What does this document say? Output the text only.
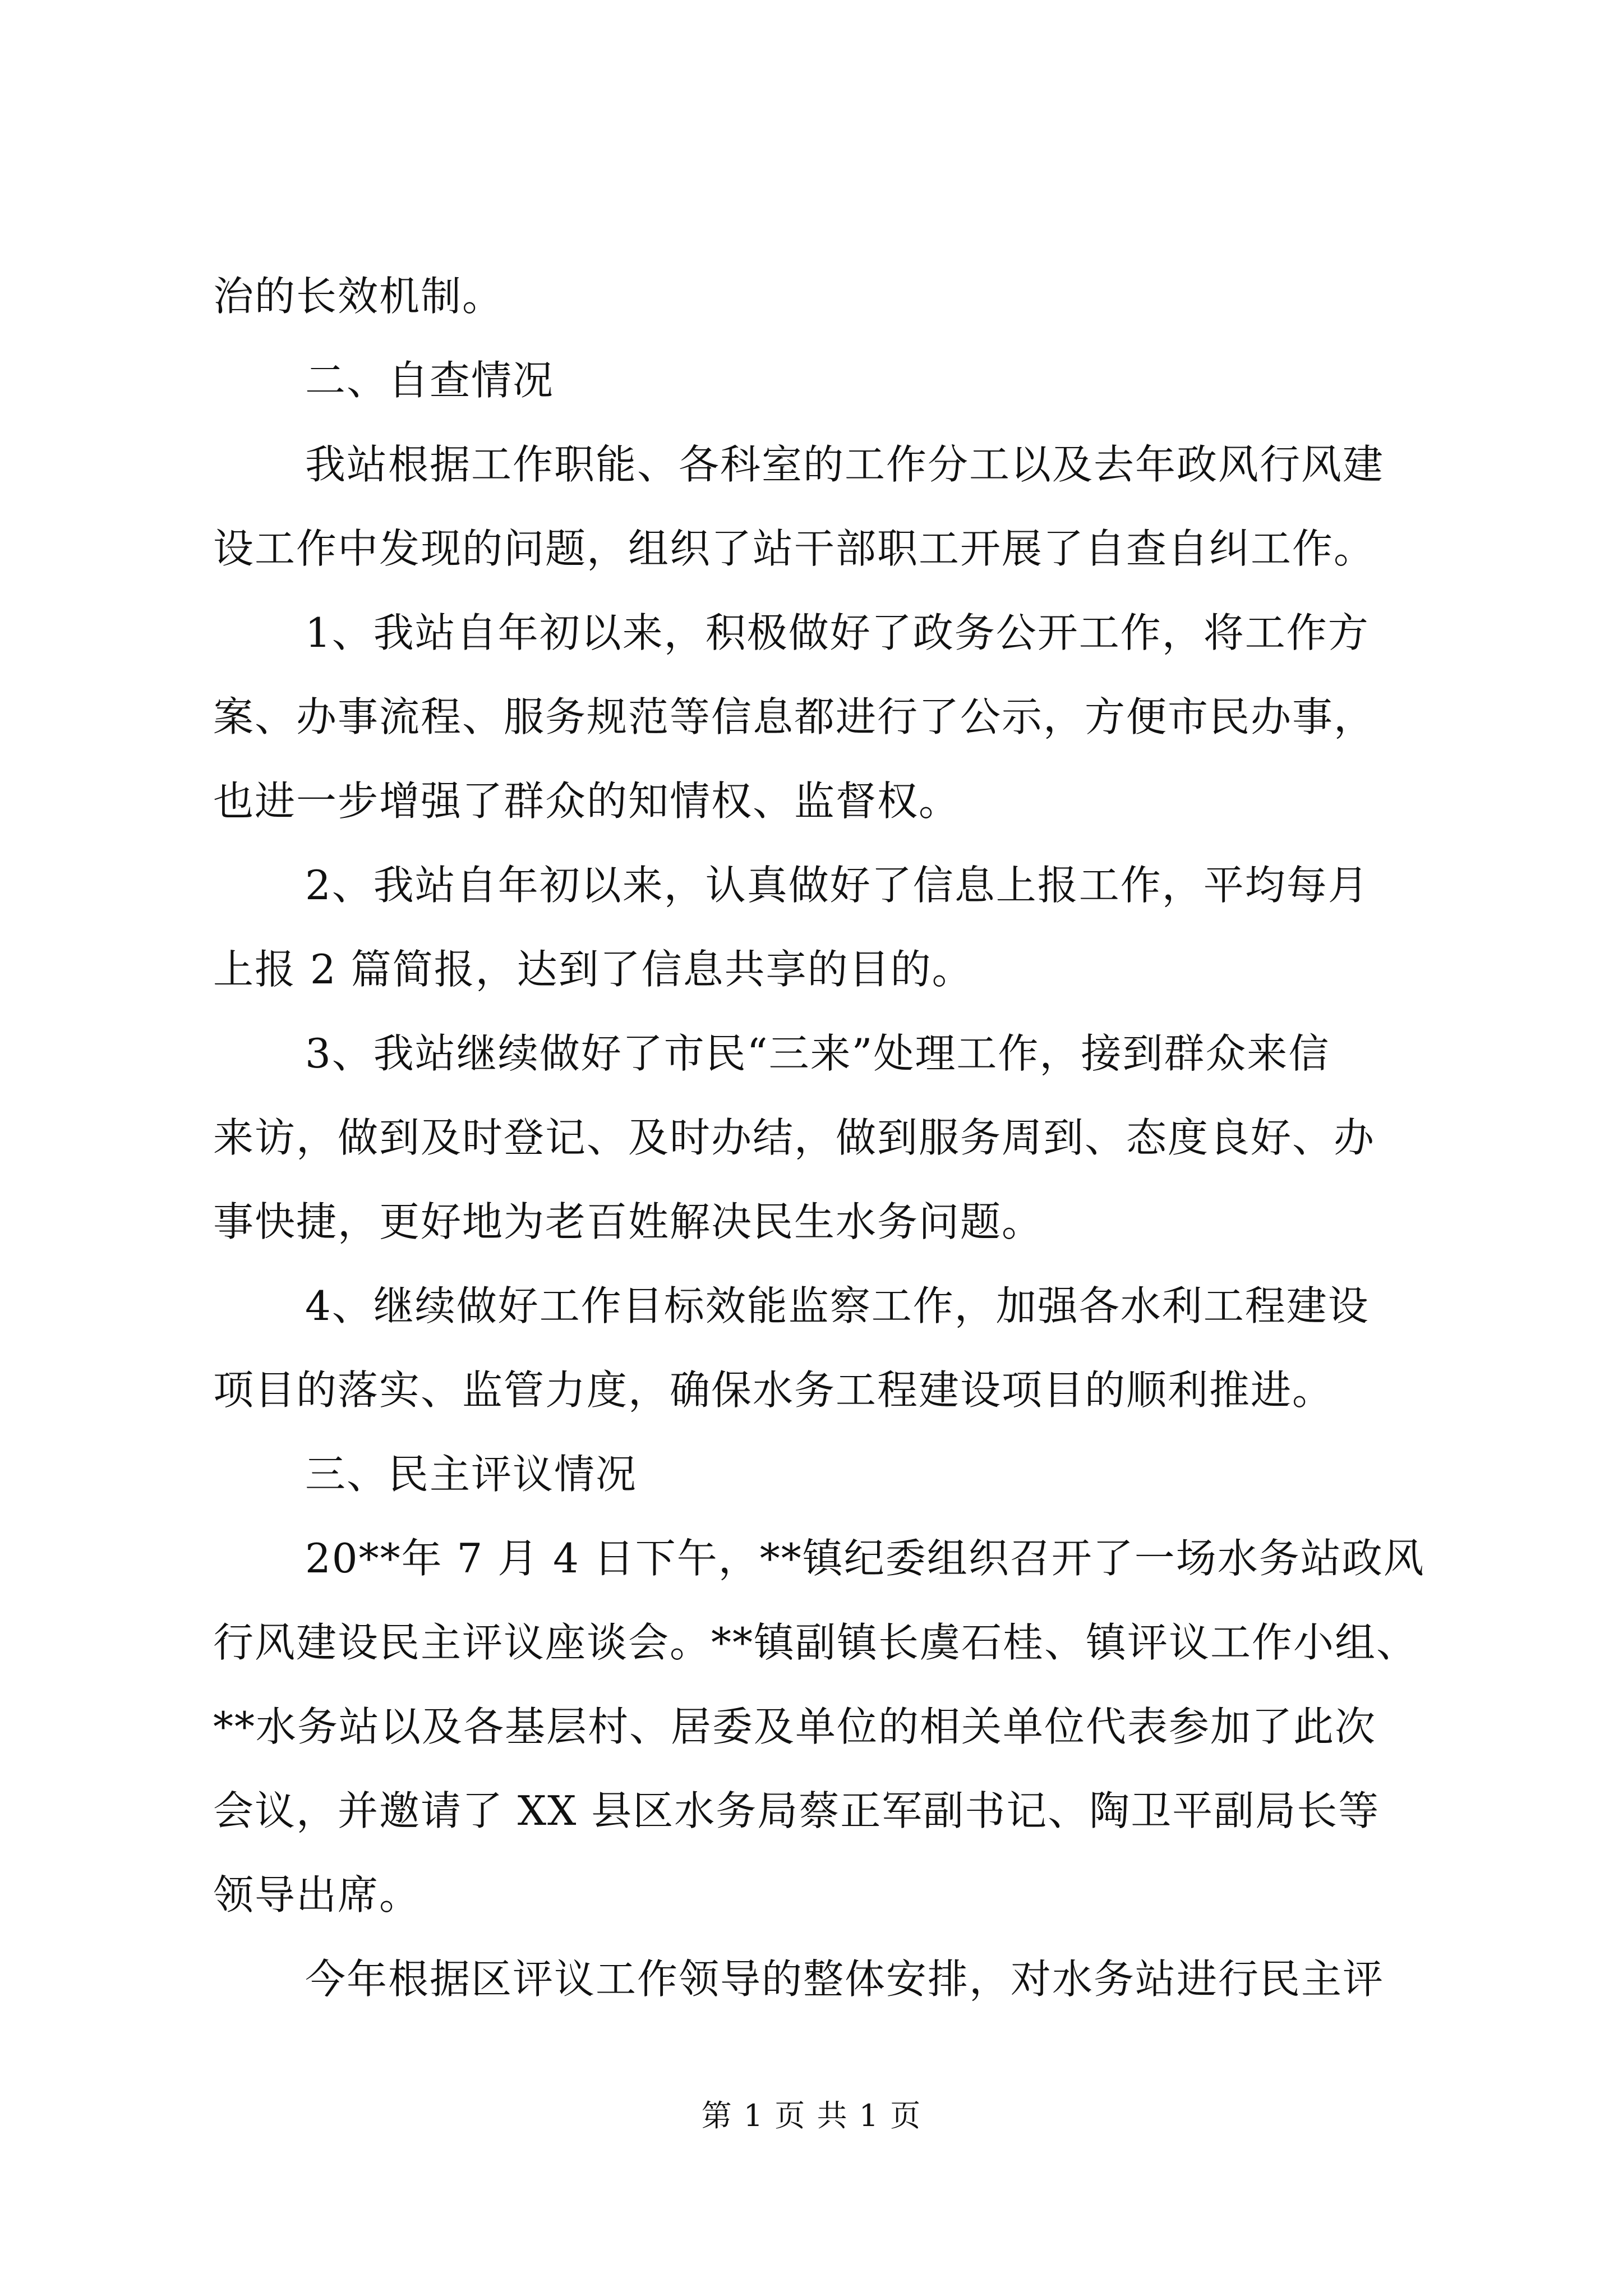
治的长效机制。
二、自查情况
我站根据工作职能、各科室的工作分工以及去年政风行风建
设工作中发现的问题，组织了站干部职工开展了自查自纠工作。
1、我站自年初以来，积极做好了政务公开工作，将工作方
案、办事流程、服务规范等信息都进行了公示，方便市民办事，
也进一步增强了群众的知情权、监督权。
2、我站自年初以来，认真做好了信息上报工作，平均每月
上报 2 篇简报，达到了信息共享的目的。
3、我站继续做好了市民“三来”处理工作，接到群众来信
来访，做到及时登记、及时办结，做到服务周到、态度良好、办
事快捷，更好地为老百姓解决民生水务问题。
4、继续做好工作目标效能监察工作，加强各水利工程建设
项目的落实、监管力度，确保水务工程建设项目的顺利推进。
三、民主评议情况
20**年 7 月 4 日下午，**镇纪委组织召开了一场水务站政风
行风建设民主评议座谈会。**镇副镇长虞石桂、镇评议工作小组、
**水务站以及各基层村、居委及单位的相关单位代表参加了此次
会议，并邀请了 XX 县区水务局蔡正军副书记、陶卫平副局长等
领导出席。
今年根据区评议工作领导的整体安排，对水务站进行民主评
第 1 页 共 1 页
